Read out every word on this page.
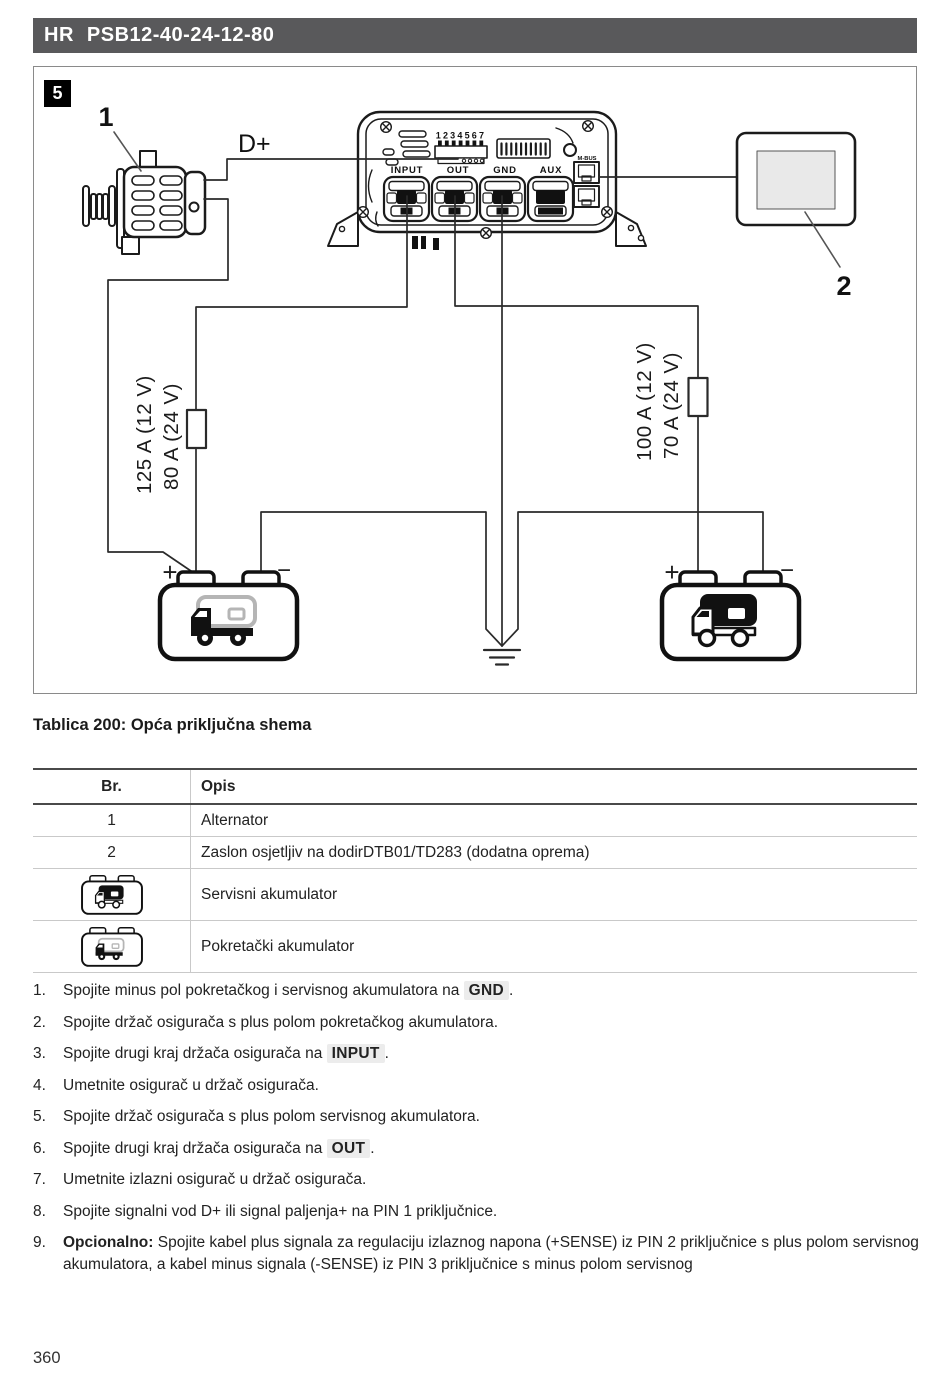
HR PSB12-40-24-12-80
5
1
D+	1234567
M-BUS
INPUT OUT	GND AUX
125 A (12 V) 80 A (24 V)	100 A (12 V) 70 A (24 V)
2
+	−	+	−
Tablica 200: Opća priključna shema
Br.	Opis
1	Alternator
2	Zaslon osjetljiv na dodirDTB01/TD283 (dodatna oprema)

	Servisni akumulator

	Pokretački akumulator
1.	Spojite minus pol pokretačkog i servisnog akumulatora na GND .
2.	Spojite držač osigurača s plus polom pokretačkog akumulatora.
3.	Spojite drugi kraj držača osigurača na INPUT .
4.	Umetnite osigurač u držač osigurača.
5.	Spojite držač osigurača s plus polom servisnog akumulatora.
6.	Spojite drugi kraj držača osigurača na OUT .
7.	Umetnite izlazni osigurač u držač osigurača.
8.	Spojite signalni vod D+ ili signal paljenja+ na PIN 1 priključnice.
9.	Opcionalno: Spojite kabel plus signala za regulaciju izlaznog napona (+SENSE) iz PIN 2 priključnice s plus polom servisnog akumulatora, a kabel minus signala (-SENSE) iz PIN 3 priključnice s minus polom servisnog
360
